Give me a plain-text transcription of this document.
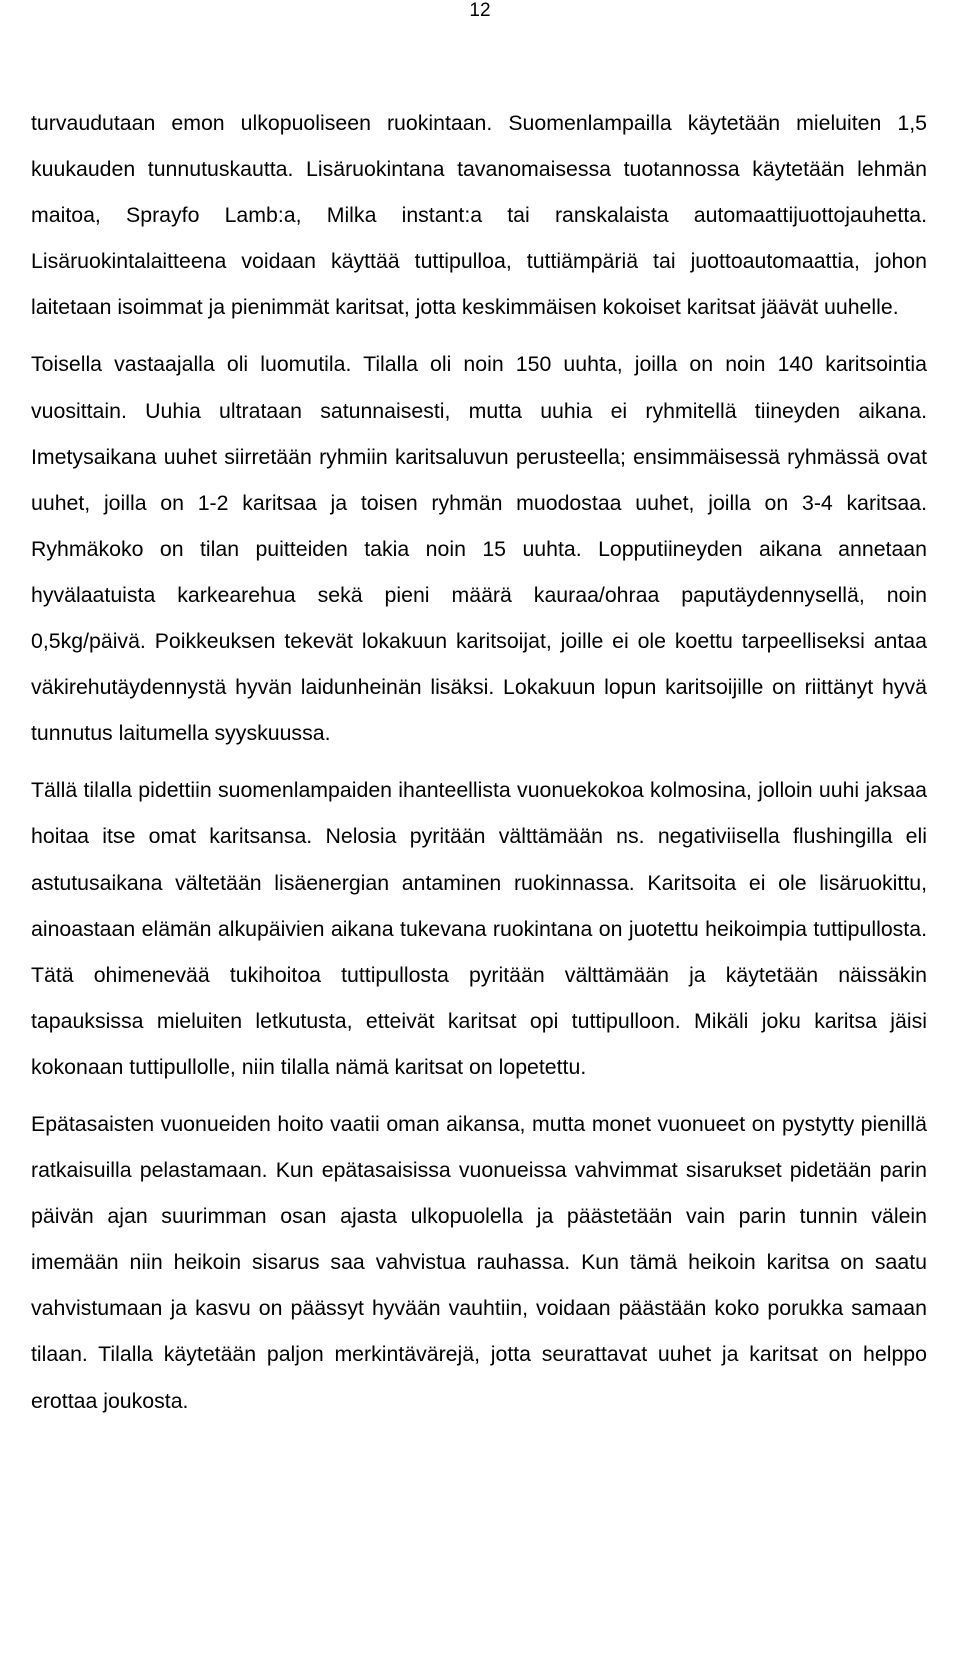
12

turvaudutaan emon ulkopuoliseen ruokintaan. Suomenlampailla käytetään mieluiten 1,5 kuukauden tunnutuskautta. Lisäruokintana tavanomaisessa tuotannossa käytetään lehmän maitoa, Sprayfo Lamb:a, Milka instant:a tai ranskalaista automaattijuottojauhetta. Lisäruokintalaitteena voidaan käyttää tuttipulloa, tuttiämpäriä tai juottoautomaattia, johon laitetaan isoimmat ja pienimmät karitsat, jotta keskimmäisen kokoiset karitsat jäävät uuhelle.

Toisella vastaajalla oli luomutila. Tilalla oli noin 150 uuhta, joilla on noin 140 karitsointia vuosittain. Uuhia ultrataan satunnaisesti, mutta uuhia ei ryhmitellä tiineyden aikana. Imetysaikana uuhet siirretään ryhmiin karitsaluvun perusteella; ensimmäisessä ryhmässä ovat uuhet, joilla on 1-2 karitsaa ja toisen ryhmän muodostaa uuhet, joilla on 3-4 karitsaa. Ryhmäkoko on tilan puitteiden takia noin 15 uuhta. Lopputiineyden aikana annetaan hyvälaatuista karkearehua sekä pieni määrä kauraa/ohraa paputäydennysellä, noin 0,5kg/päivä. Poikkeuksen tekevät lokakuun karitsoijat, joille ei ole koettu tarpeelliseksi antaa väkirehutäydennystä hyvän laidunheinän lisäksi. Lokakuun lopun karitsoijille on riittänyt hyvä tunnutus laitumella syyskuussa.

Tällä tilalla pidettiin suomenlampaiden ihanteellista vuonuekokoa kolmosina, jolloin uuhi jaksaa hoitaa itse omat karitsansa. Nelosia pyritään välttämään ns. negativiisella flushingilla eli astutusaikana vältetään lisäenergian antaminen ruokinnassa. Karitsoita ei ole lisäruokittu, ainoastaan elämän alkupäivien aikana tukevana ruokintana on juotettu heikoimpia tuttipullosta. Tätä ohimenevää tukihoitoa tuttipullosta pyritään välttämään ja käytetään näissäkin tapauksissa mieluiten letkutusta, etteivät karitsat opi tuttipulloon. Mikäli joku karitsa jäisi kokonaan tuttipullolle, niin tilalla nämä karitsat on lopetettu.

Epätasaisten vuonueiden hoito vaatii oman aikansa, mutta monet vuonueet on pystytty pienillä ratkaisuilla pelastamaan. Kun epätasaisissa vuonueissa vahvimmat sisarukset pidetään parin päivän ajan suurimman osan ajasta ulkopuolella ja päästetään vain parin tunnin välein imemään niin heikoin sisarus saa vahvistua rauhassa. Kun tämä heikoin karitsa on saatu vahvistumaan ja kasvu on päässyt hyvään vauhtiin, voidaan päästään koko porukka samaan tilaan. Tilalla käytetään paljon merkintävärejä, jotta seurattavat uuhet ja karitsat on helppo erottaa joukosta.
